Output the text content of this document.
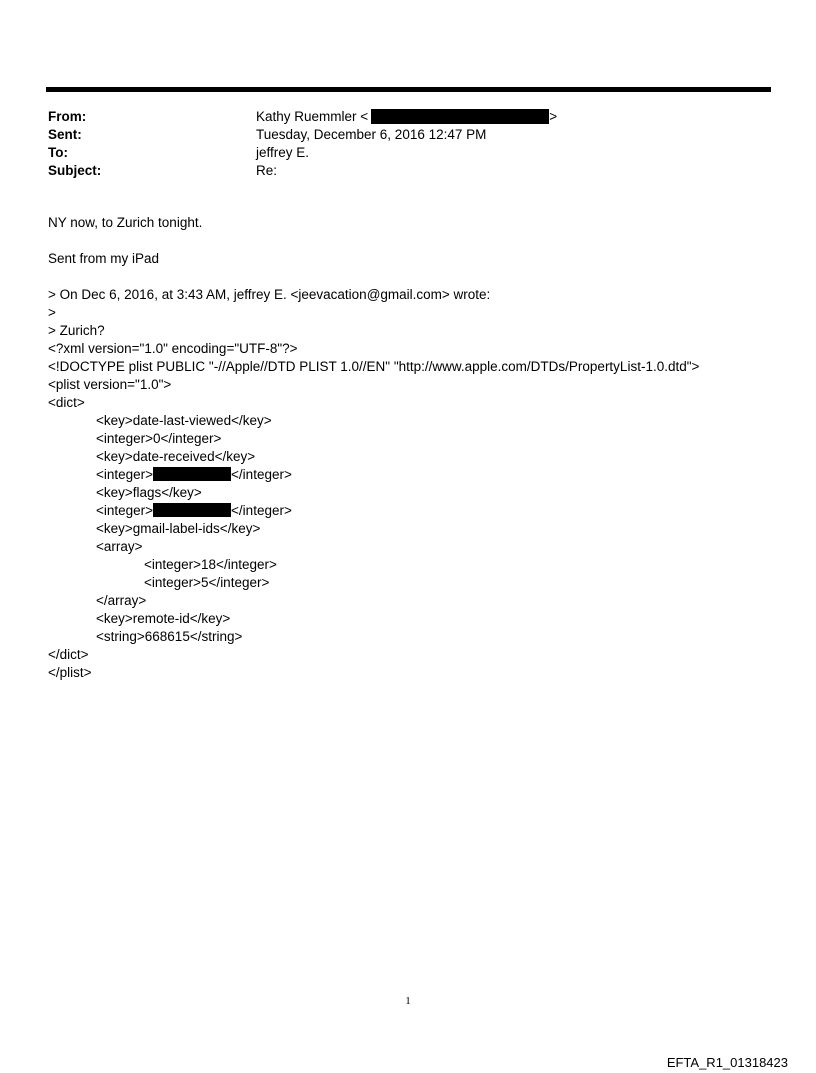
From:	Kathy Ruemmler <	>
Sent:	Tuesday, December 6, 2016 12:47 PM
To:	jeffrey E.
Subject:	Re:
NY now, to Zurich tonight.
Sent from my iPad
> On Dec 6, 2016, at 3:43 AM, jeffrey E. <jeevacation@gmail.com> wrote:
>
> Zurich?
<?xml version="1.0" encoding="UTF-8"?>
<!DOCTYPE plist PUBLIC "-//Apple//DTD PLIST 1.0//EN" "http://www.apple.com/DTDs/PropertyList-1.0.dtd">
<plist version="1.0">
<dict>
<key>date-last-viewed</key>
<integer>0</integer>
<key>date-received</key>
<integer>	</integer>
<key>flags</key>
<integer>	</integer>
<key>gmail-label-ids</key>
<array>
<integer>18</integer>
<integer>5</integer>
</array>
<key>remote-id</key>
<string>668615</string>
</dict>
</plist>
1
EFTA_R1_01318423
